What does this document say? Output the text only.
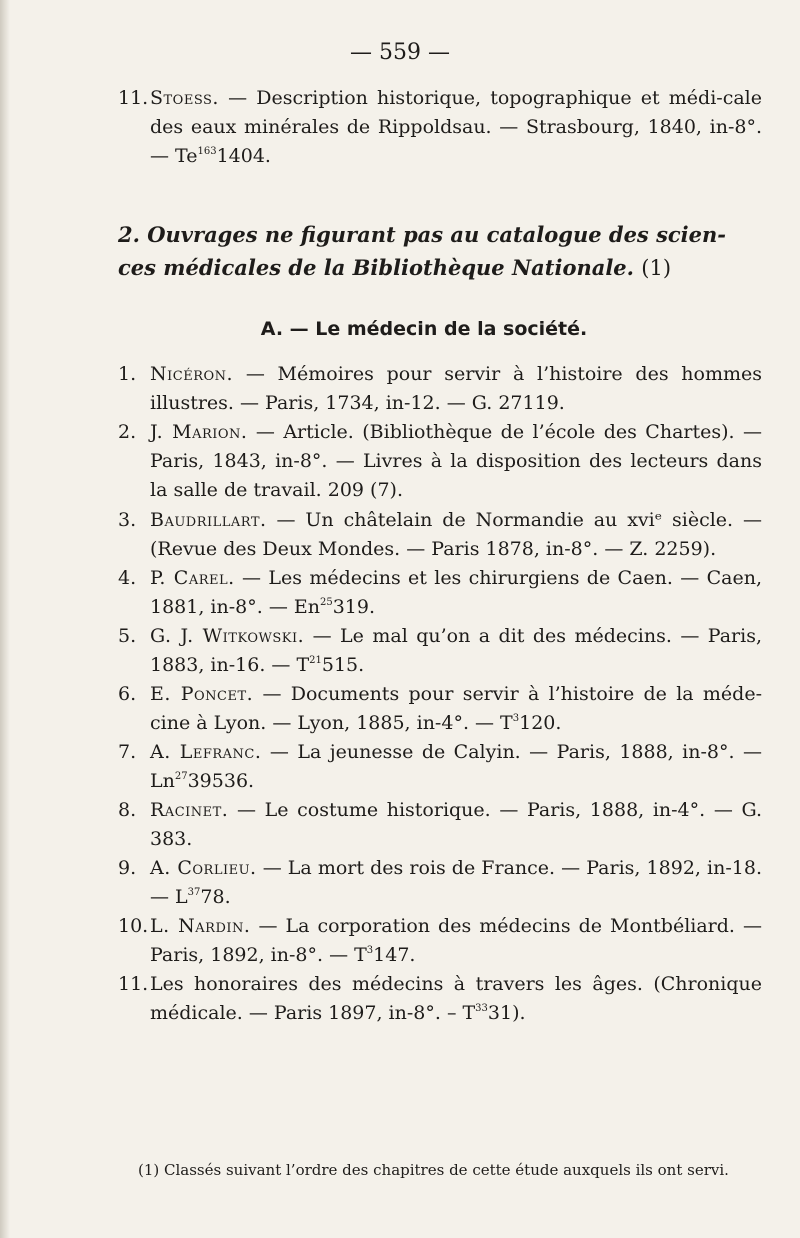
— 559 —
11.Stoess. — Description historique, topographique et médi-cale des eaux minérales de Rippoldsau. — Strasbourg, 1840, in-8°. — Te$^{163}$1404.
2. Ouvrages ne figurant pas au catalogue des scien-ces médicales de la Bibliothèque Nationale. (1)
A. — Le médecin de la société.
1. Nicéron. — Mémoires pour servir à l’histoire des hommes illustres. — Paris, 1734, in-12. — G. 27119.
2. J. Marion. — Article. (Bibliothèque de l’école des Chartes). — Paris, 1843, in-8°. — Livres à la disposition des lecteurs dans la salle de travail. 209 (7).
3. Baudrillart. — Un châtelain de Normandie au xviᵉ siècle. — (Revue des Deux Mondes. — Paris 1878, in-8°. — Z. 2259).
4. P. Carel. — Les médecins et les chirurgiens de Caen. — Caen, 1881, in-8°. — En$^{25}$319.
5. G. J. Witkowski. — Le mal qu’on a dit des médecins. — Paris, 1883, in-16. — $T^{21}515$.
6. E. Poncet. — Documents pour servir à l’histoire de la méde-cine à Lyon. — Lyon, 1885, in-4°. — $T^3120$.
7. A. Lefranc. — La jeunesse de Calyin. — Paris, 1888, in-8°. — Ln$^{27}$39536.
8. Racinet. — Le costume historique. — Paris, 1888, in-4°. — G. 383.
9. A. Corlieu. — La mort des rois de France. — Paris, 1892, in-18. — $L^{37}78$.
10.L. Nardin. — La corporation des médecins de Montbéliard. — Paris, 1892, in-8°. — $T^3147$.
11.Les honoraires des médecins à travers les âges. (Chronique médicale. — Paris 1897, in-8°. – $T^{33}31$).
(1) Classés suivant l’ordre des chapitres de cette étude auxquels ils ont servi.
